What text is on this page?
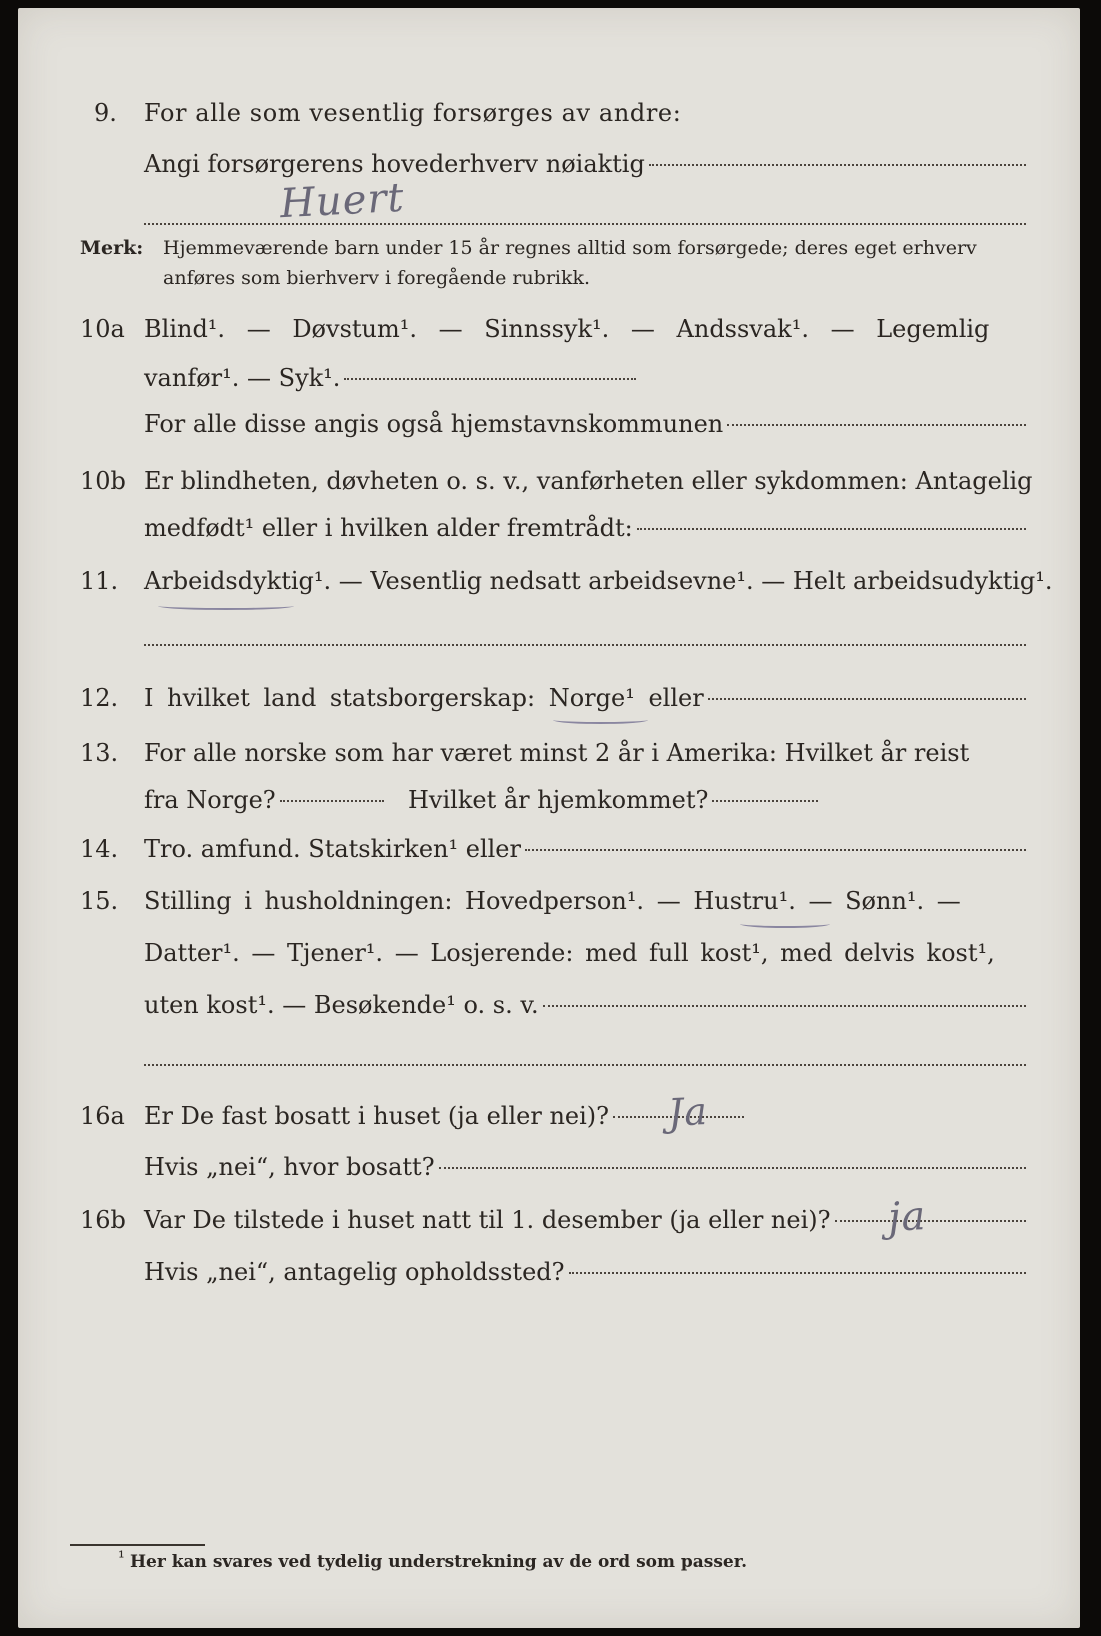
9. For alle som vesentlig forsørges av andre:
Angi forsørgerens hovederhverv nøiaktig
Huert
Merk: Hjemmeværende barn under 15 år regnes alltid som forsørgede; deres eget erhverv
anføres som bierhverv i foregående rubrikk.
10a Blind¹. — Døvstum¹. — Sinnssyk¹. — Andssvak¹. — Legemlig
vanfør¹. — Syk¹.
For alle disse angis også hjemstavnskommunen
10b Er blindheten, døvheten o. s. v., vanførheten eller sykdommen: Antagelig
medfødt¹ eller i hvilken alder fremtrådt:
11. Arbeidsdyktig¹. — Vesentlig nedsatt arbeidsevne¹. — Helt arbeidsudyktig¹.
12. I hvilket land statsborgerskap: Norge¹ eller
13. For alle norske som har været minst 2 år i Amerika: Hvilket år reist
fra Norge?	Hvilket år hjemkommet?
14. Tro. amfund. Statskirken¹ eller
15. Stilling i husholdningen: Hovedperson¹. — Hustru¹. — Sønn¹. —
Datter¹. — Tjener¹. — Losjerende: med full kost¹, med delvis kost¹,
uten kost¹. — Besøkende¹ o. s. v.
16a Er De fast bosatt i huset (ja eller nei)? Ja
Hvis „nei“, hvor bosatt?
16b Var De tilstede i huset natt til 1. desember (ja eller nei)? ja
Hvis „nei“, antagelig opholdssted?
¹ Her kan svares ved tydelig understrekning av de ord som passer.
